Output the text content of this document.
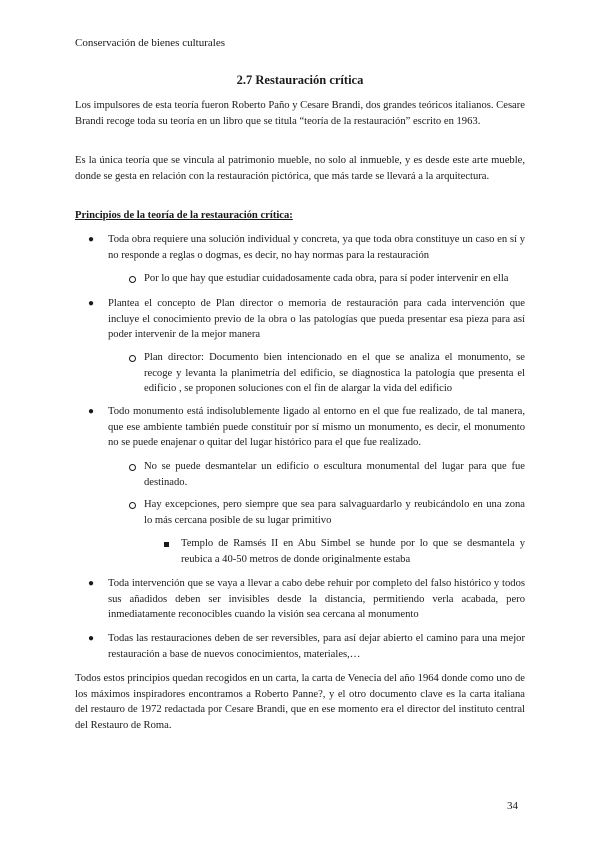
Conservación de bienes culturales
2.7 Restauración crítica

Los impulsores de esta teoría fueron Roberto Paño y Cesare Brandi, dos grandes teóricos italianos. Cesare Brandi recoge toda su teoría en un libro que se titula “teoría de la restauración” escrito en 1963.

Es la única teoría que se vincula al patrimonio mueble, no solo al inmueble, y es desde este arte mueble, donde se gesta en relación con la restauración pictórica, que más tarde se llevará a la arquitectura.

Principios de la teoría de la restauración crítica:
● Toda obra requiere una solución individual y concreta, ya que toda obra constituye un caso en sí y no responde a reglas o dogmas, es decir, no hay normas para la restauración

Por lo que hay que estudiar cuidadosamente cada obra, para sí poder intervenir en ella

● Plantea el concepto de Plan director o memoria de restauración para cada intervención que incluye el conocimiento previo de la obra o las patologías que pueda presentar esa pieza para así poder intervenir de la mejor manera

Plan director: Documento bien intencionado en el que se analiza el monumento, se recoge y levanta la planimetría del edificio, se diagnostica la patología que presenta el edificio , se proponen soluciones con el fin de alargar la vida del edificio

● Todo monumento está indisolublemente ligado al entorno en el que fue realizado, de tal manera, que ese ambiente también puede constituir por sí mismo un monumento, es decir, el monumento no se puede enajenar o quitar del lugar histórico para el que fue realizado.

No se puede desmantelar un edificio o escultura monumental del lugar para que fue destinado.

Hay excepciones, pero siempre que sea para salvaguardarlo y reubicándolo en una zona lo más cercana posible de su lugar primitivo

Templo de Ramsés II en Abu Simbel se hunde por lo que se desmantela y reubica a 40-50 metros de donde originalmente estaba

● Toda intervención que se vaya a llevar a cabo debe rehuir por completo del falso histórico y todos sus añadidos deben ser invisibles desde la distancia, permitiendo verla acabada, pero inmediatamente reconocibles cuando la visión sea cercana al monumento

● Todas las restauraciones deben de ser reversibles, para así dejar abierto el camino para una mejor restauración a base de nuevos conocimientos, materiales,…

Todos estos principios quedan recogidos en un carta, la carta de Venecia del año 1964 donde como uno de los máximos inspiradores encontramos a Roberto Panne?, y el otro documento clave es la carta italiana del restauro de 1972 redactada por Cesare Brandi, que en ese momento era el director del instituto central del Restauro de Roma.

34
